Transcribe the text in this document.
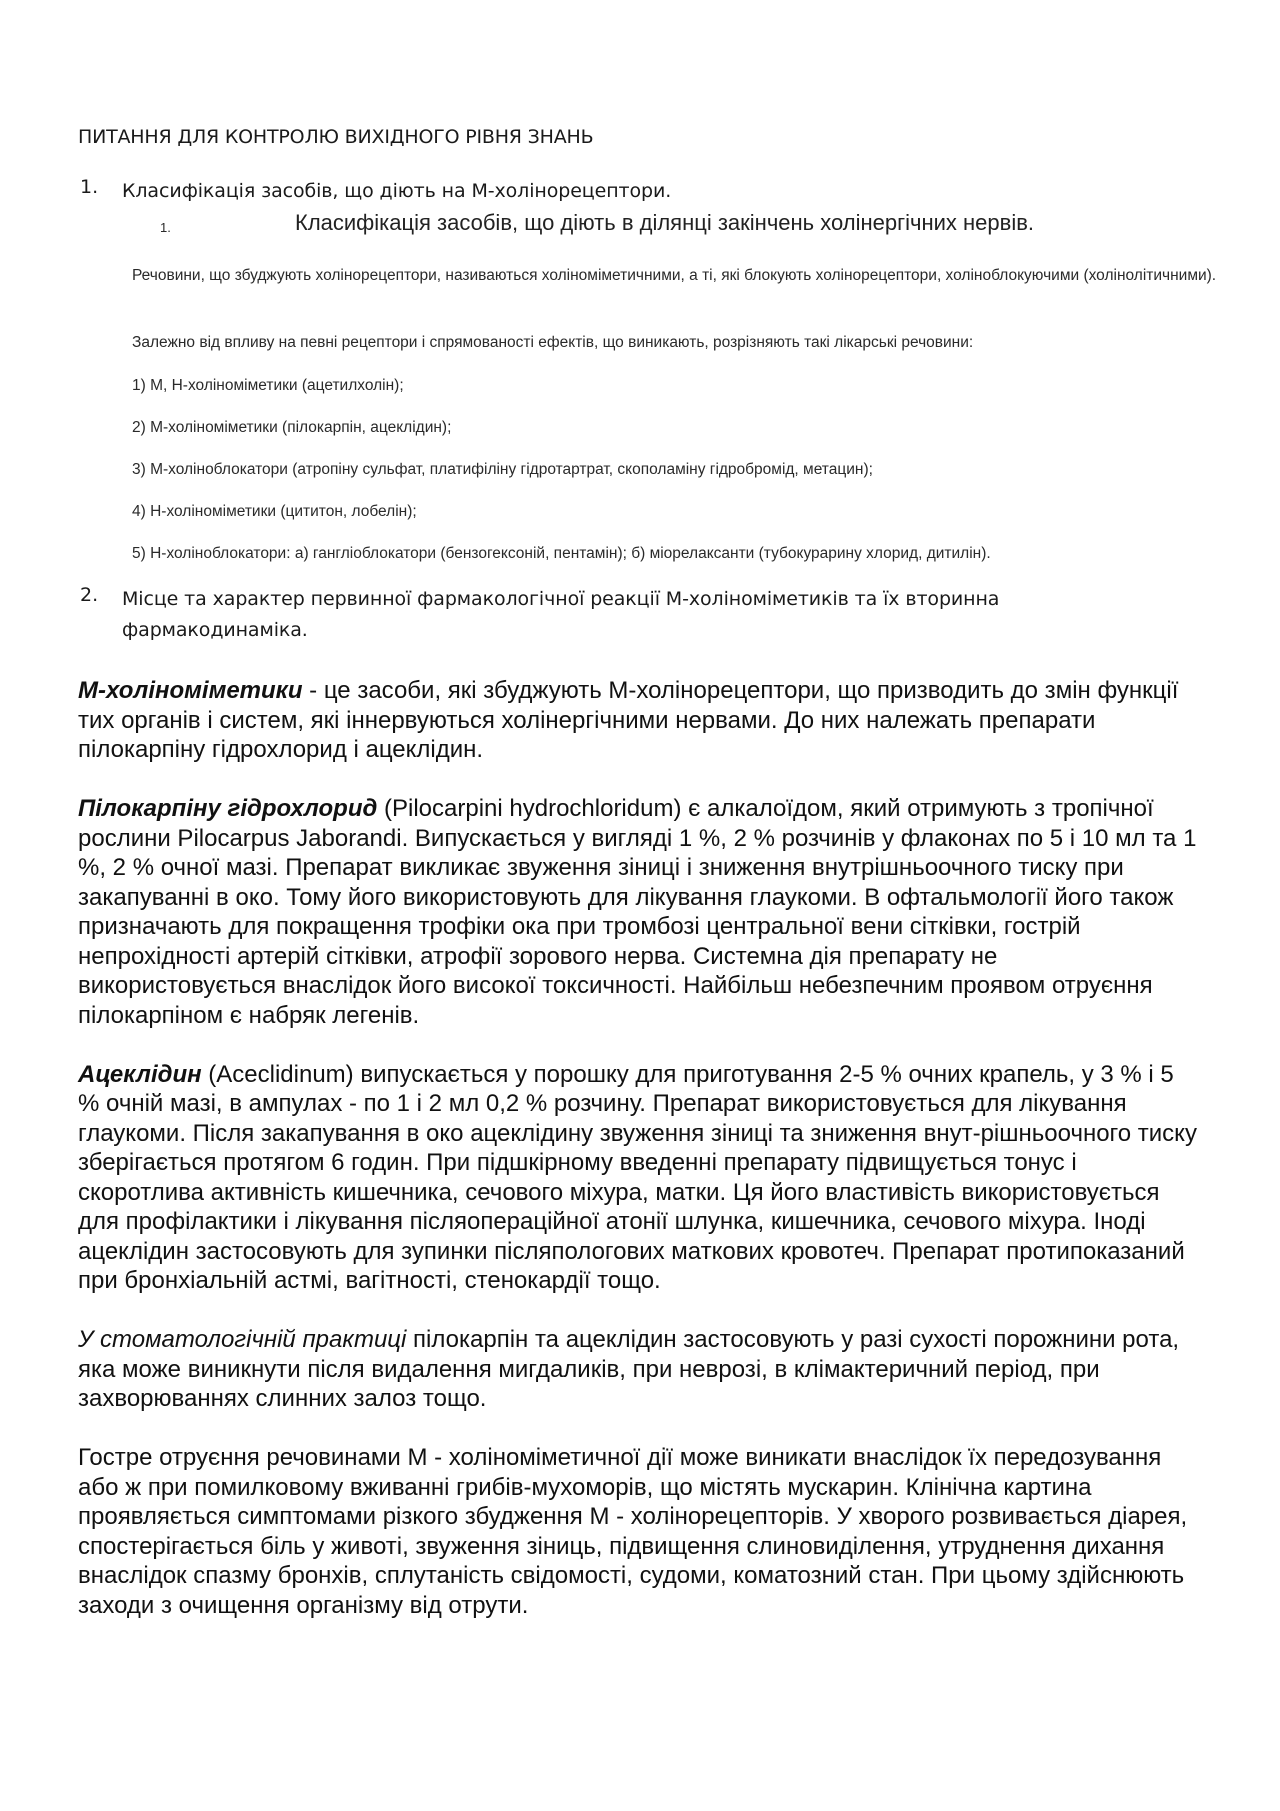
ПИТАННЯ ДЛЯ КОНТРОЛЮ ВИХІДНОГО РІВНЯ ЗНАНЬ
1.	Класифікація засобів, що діють на М-холінорецептори.
1.	Класифікація засобів, що діють в ділянці закінчень холінергічних нервів.
Речовини, що збуджують холінорецептори, називаються холіноміметичними, а ті, які блокують холінорецептори, холіноблокуючими (холінолітичними).
Залежно від впливу на певні рецептори і спрямованості ефектів, що виникають, розрізняють такі лікарські речовини:
1) М, Н-холіноміметики (ацетилхолін);
2) М-холіноміметики (пілокарпін, ацеклідин);
3) М-холіноблокатори (атропіну сульфат, платифіліну гідротартрат, скополаміну гідробромід, метацин);
4) Н-холіноміметики (цититон, лобелін);
5) Н-холіноблокатори: а) гангліоблокатори (бензогексоній, пентамін); б) міорелаксанти (тубокурарину хлорид, дитилін).
2.	Місце та характер первинної фармакологічної реакції М-холіноміметиків та їх вторинна фармакодинаміка.

М-холіноміметики - це засоби, які збуджують М-холінорецептори, що призводить до змін функції тих органів і систем, які іннервуються холінергічними нервами. До них належать препарати пілокарпіну гідрохлорид і ацеклідин.

Пілокарпіну гідрохлорид (Pilocarpini hydrochloridum) є алкалоїдом, який отримують з тропічної рослини Pilocarpus Jaborandi. Випускається у вигляді 1 %, 2 % розчинів у флаконах по 5 і 10 мл та 1 %, 2 % очної мазі. Препарат викликає звуження зіниці і зниження внутрішньоочного тиску при закапуванні в око. Тому його використовують для лікування глаукоми. В офтальмології його також призначають для покращення трофіки ока при тромбозі центральної вени сітківки, гострій непрохідності артерій сітківки, атрофії зорового нерва. Системна дія препарату не використовується внаслідок його високої токсичності. Найбільш небезпечним проявом отруєння пілокарпіном є набряк легенів.

Ацеклідин (Aceclidinum) випускається у порошку для приготування 2-5 % очних крапель, у 3 % і 5 % очній мазі, в ампулах - по 1 і 2 мл 0,2 % розчину. Препарат використовується для лікування глаукоми. Після закапування в око ацеклідину звуження зіниці та зниження внут-рішньоочного тиску зберігається протягом 6 годин. При підшкірному введенні препарату підвищується тонус і скоротлива активність кишечника, сечового міхура, матки. Ця його властивість використовується для профілактики і лікування післяопераційної атонії шлунка, кишечника, сечового міхура. Іноді ацеклідин застосовують для зупинки післяпологових маткових кровотеч. Препарат протипоказаний при бронхіальній астмі, вагітності, стенокардії тощо.

У стоматологічній практиці пілокарпін та ацеклідин застосовують у разі сухості порожнини рота, яка може виникнути після видалення мигдаликів, при неврозі, в клімактеричний період, при захворюваннях слинних залоз тощо.

Гостре отруєння речовинами М - холіноміметичної дії може виникати внаслідок їх передозування або ж при помилковому вживанні грибів-мухоморів, що містять мускарин. Клінічна картина проявляється симптомами різкого збудження М - холінорецепторів. У хворого розвивається діарея, спостерігається біль у животі, звуження зіниць, підвищення слиновиділення, утруднення дихання внаслідок спазму бронхів, сплутаність свідомості, судоми, коматозний стан. При цьому здійснюють заходи з очищення організму від отрути.
